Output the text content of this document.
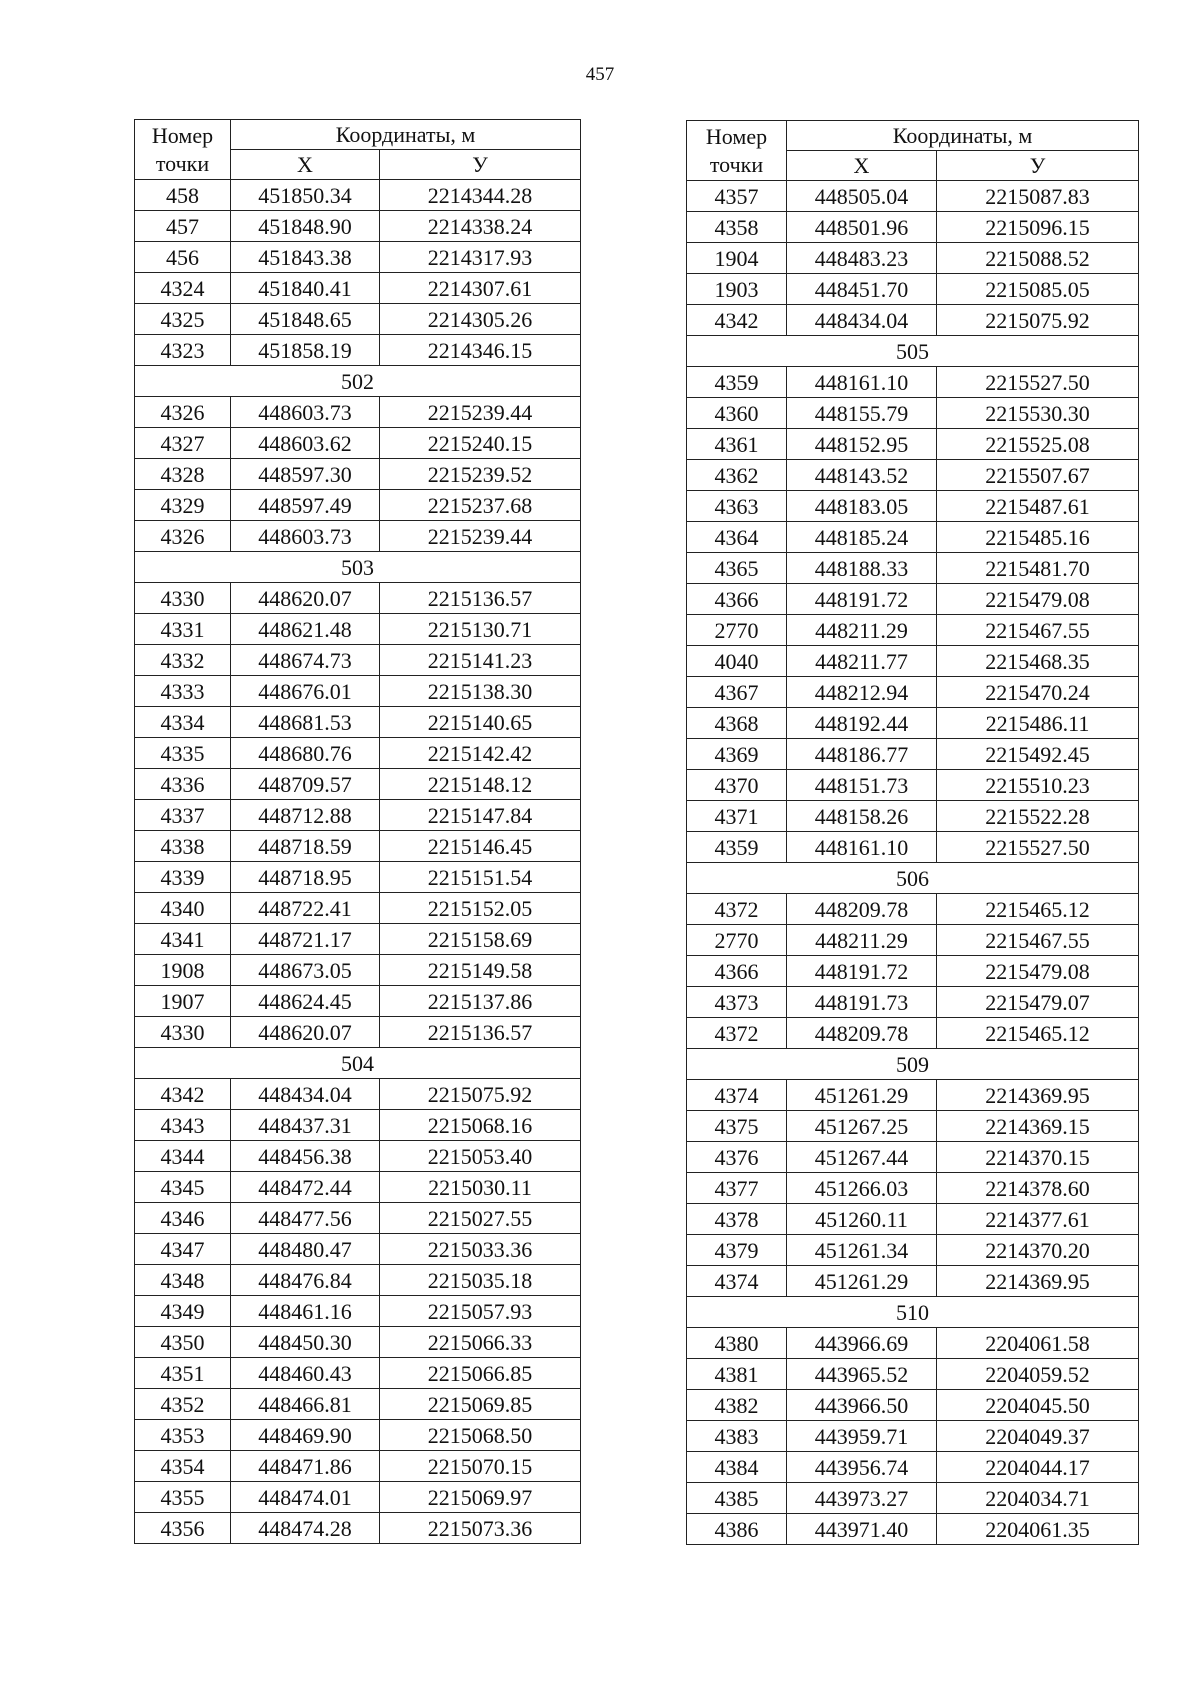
457
Номер
точки	Координаты, м	
	Х	У
458	451850.34	2214344.28
457	451848.90	2214338.24
456	451843.38	2214317.93
4324	451840.41	2214307.61
4325	451848.65	2214305.26
4323	451858.19	2214346.15
502		
4326	448603.73	2215239.44
4327	448603.62	2215240.15
4328	448597.30	2215239.52
4329	448597.49	2215237.68
4326	448603.73	2215239.44
503		
4330	448620.07	2215136.57
4331	448621.48	2215130.71
4332	448674.73	2215141.23
4333	448676.01	2215138.30
4334	448681.53	2215140.65
4335	448680.76	2215142.42
4336	448709.57	2215148.12
4337	448712.88	2215147.84
4338	448718.59	2215146.45
4339	448718.95	2215151.54
4340	448722.41	2215152.05
4341	448721.17	2215158.69
1908	448673.05	2215149.58
1907	448624.45	2215137.86
4330	448620.07	2215136.57
504		
4342	448434.04	2215075.92
4343	448437.31	2215068.16
4344	448456.38	2215053.40
4345	448472.44	2215030.11
4346	448477.56	2215027.55
4347	448480.47	2215033.36
4348	448476.84	2215035.18
4349	448461.16	2215057.93
4350	448450.30	2215066.33
4351	448460.43	2215066.85
4352	448466.81	2215069.85
4353	448469.90	2215068.50
4354	448471.86	2215070.15
4355	448474.01	2215069.97
4356	448474.28	2215073.36
Номер
точки	Координаты, м	
	Х	У
4357	448505.04	2215087.83
4358	448501.96	2215096.15
1904	448483.23	2215088.52
1903	448451.70	2215085.05
4342	448434.04	2215075.92
505		
4359	448161.10	2215527.50
4360	448155.79	2215530.30
4361	448152.95	2215525.08
4362	448143.52	2215507.67
4363	448183.05	2215487.61
4364	448185.24	2215485.16
4365	448188.33	2215481.70
4366	448191.72	2215479.08
2770	448211.29	2215467.55
4040	448211.77	2215468.35
4367	448212.94	2215470.24
4368	448192.44	2215486.11
4369	448186.77	2215492.45
4370	448151.73	2215510.23
4371	448158.26	2215522.28
4359	448161.10	2215527.50
506		
4372	448209.78	2215465.12
2770	448211.29	2215467.55
4366	448191.72	2215479.08
4373	448191.73	2215479.07
4372	448209.78	2215465.12
509		
4374	451261.29	2214369.95
4375	451267.25	2214369.15
4376	451267.44	2214370.15
4377	451266.03	2214378.60
4378	451260.11	2214377.61
4379	451261.34	2214370.20
4374	451261.29	2214369.95
510		
4380	443966.69	2204061.58
4381	443965.52	2204059.52
4382	443966.50	2204045.50
4383	443959.71	2204049.37
4384	443956.74	2204044.17
4385	443973.27	2204034.71
4386	443971.40	2204061.35
